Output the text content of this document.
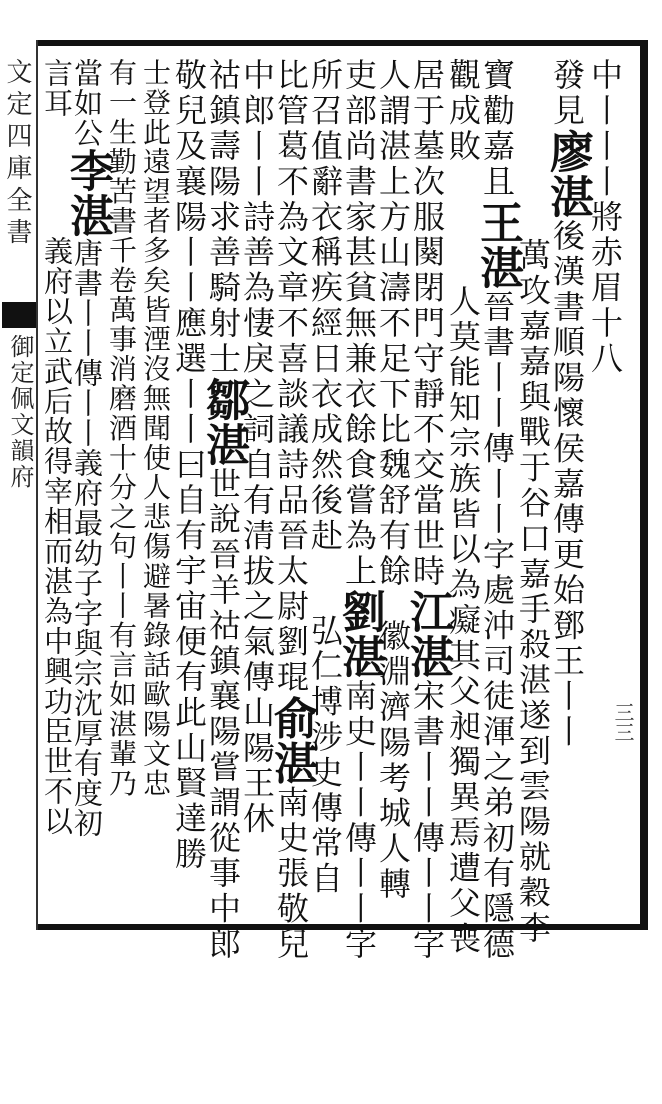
文定四庫全書
御定佩文韻府
中丨丨丨將赤眉十八
發見廖湛後漢書順陽懷侯嘉傳更始鄧王丨丨
萬攻嘉嘉與戰于谷口嘉手殺湛遂到雲陽就穀李
寶勸嘉且王湛晉書丨丨傳丨丨字處沖司徒渾之弟初有隱德
觀成敗人莫能知宗族皆以為癡其父昶獨異焉遭父喪
居于墓次服闋閉門守靜不交當世時江湛宋書丨丨傳丨丨字
人謂湛上方山濤不足下比魏舒有餘徽淵濟陽考城人轉
吏部尚書家甚貧無兼衣餘食嘗為上劉湛南史丨丨傳丨丨字
所召值辭衣稱疾經日衣成然後赴弘仁博涉史傳常自
比管葛不為文章不喜談議詩品晉太尉劉琨俞湛南史張敬兒
中郎丨丨詩善為悽戾之詞自有清拔之氣傳山陽王休
祜鎮壽陽求善騎射士鄒湛世說晉羊祜鎮襄陽嘗謂從事中郎
敬兒及襄陽丨丨應選丨丨曰自有宇宙便有此山賢達勝
士登此遠望者多矣皆湮沒無聞使人悲傷避暑錄話歐陽文忠
有一生勤苦書千卷萬事消磨酒十分之句丨丨有言如湛輩乃
當如公李湛唐書丨丨傳丨丨義府最幼子字與宗沈厚有度初
言耳義府以立武后故得宰相而湛為中興功臣世不以	三三
